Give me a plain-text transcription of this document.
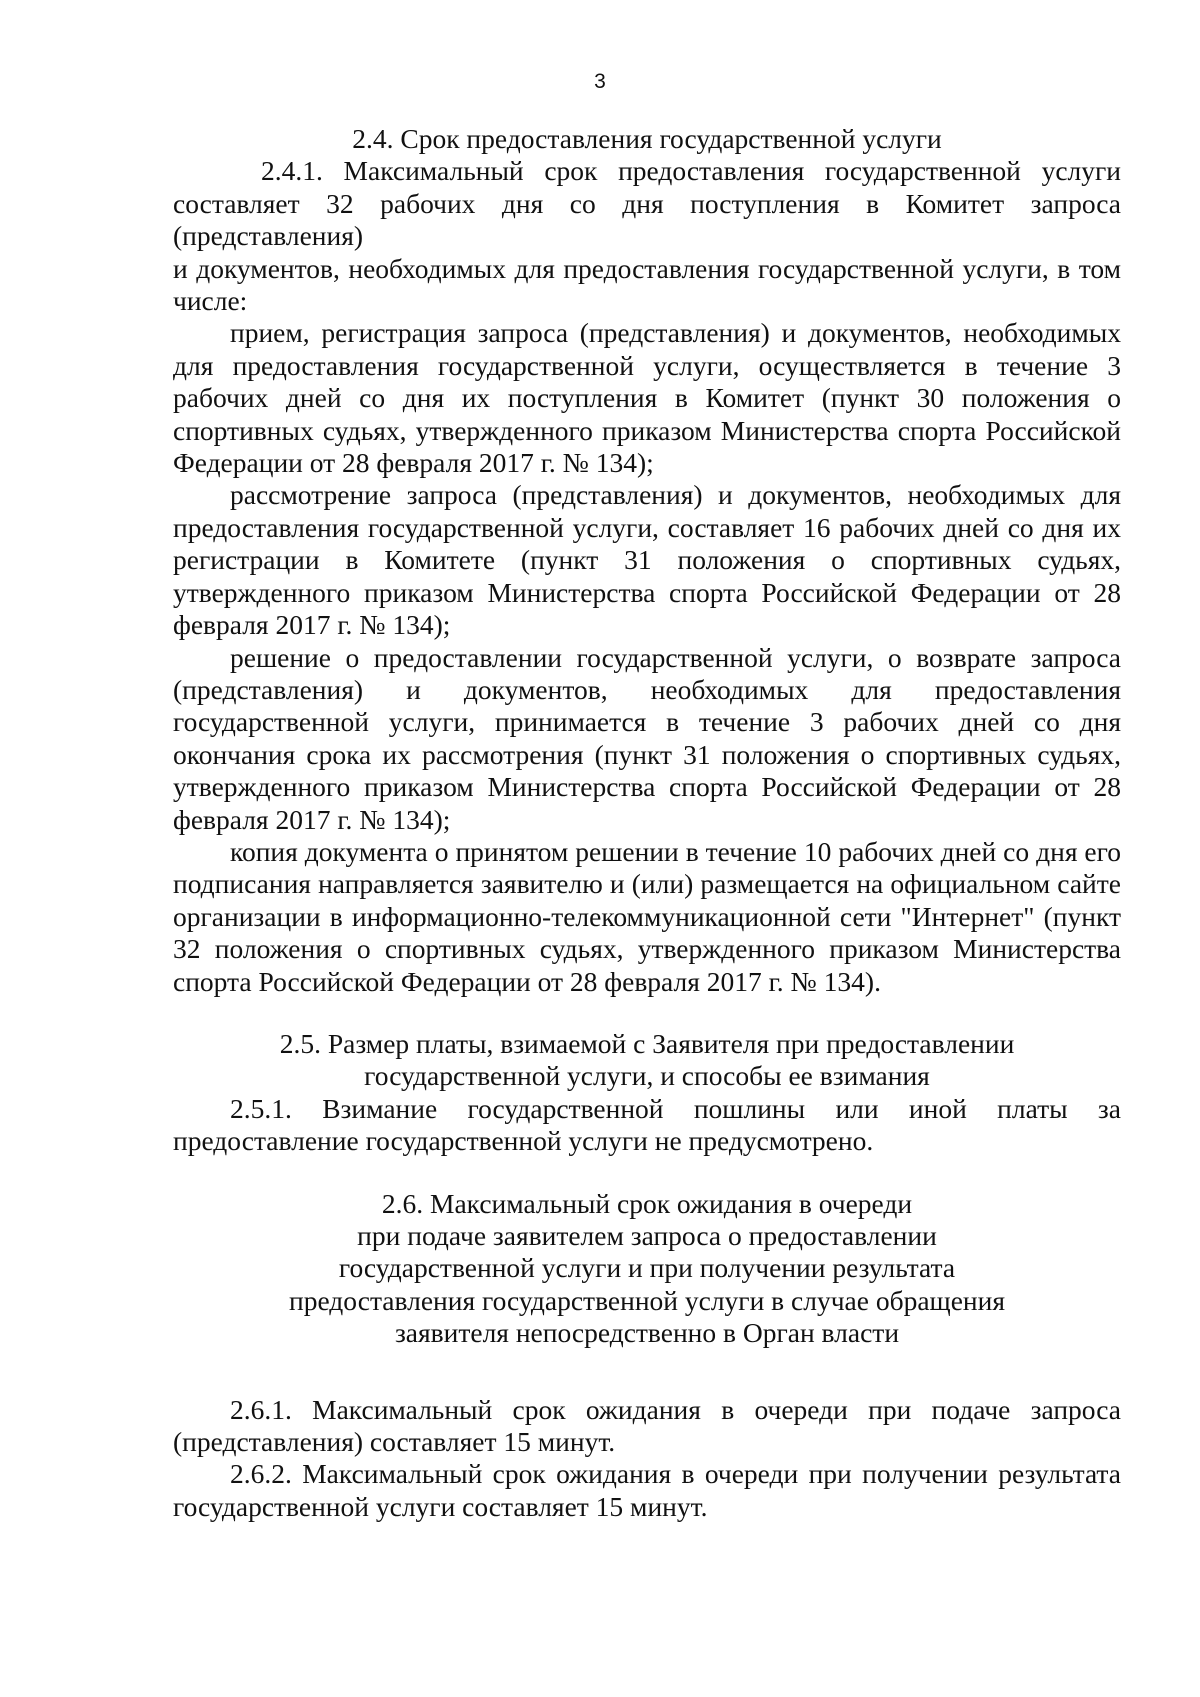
3

2.4. Срок предоставления государственной услуги

2.4.1. Максимальный срок предоставления государственной услуги составляет 32 рабочих дня со дня поступления в Комитет запроса (представления)

и документов, необходимых для предоставления государственной услуги, в том числе:

прием, регистрация запроса (представления) и документов, необходимых для предоставления государственной услуги, осуществляется в течение 3 рабочих дней со дня их поступления в Комитет (пункт 30 положения о спортивных судьях, утвержденного приказом Министерства спорта Российской Федерации от 28 февраля 2017 г. № 134);

рассмотрение запроса (представления) и документов, необходимых для предоставления государственной услуги, составляет 16 рабочих дней со дня их регистрации в Комитете (пункт 31 положения о спортивных судьях, утвержденного приказом Министерства спорта Российской Федерации от 28 февраля 2017 г. № 134);

решение о предоставлении государственной услуги, о возврате запроса (представления) и документов, необходимых для предоставления государственной услуги, принимается в течение 3 рабочих дней со дня окончания срока их рассмотрения (пункт 31 положения о спортивных судьях, утвержденного приказом Министерства спорта Российской Федерации от 28 февраля 2017 г. № 134);

копия документа о принятом решении в течение 10 рабочих дней со дня его подписания направляется заявителю и (или) размещается на официальном сайте организации в информационно-телекоммуникационной сети "Интернет" (пункт 32 положения о спортивных судьях, утвержденного приказом Министерства спорта Российской Федерации от 28 февраля 2017 г. № 134).

2.5. Размер платы, взимаемой с Заявителя при предоставлении

государственной услуги, и способы ее взимания

2.5.1. Взимание государственной пошлины или иной платы за предоставление государственной услуги не предусмотрено.

2.6. Максимальный срок ожидания в очереди

при подаче заявителем запроса о предоставлении

государственной услуги и при получении результата

предоставления государственной услуги в случае обращения

заявителя непосредственно в Орган власти

2.6.1. Максимальный срок ожидания в очереди при подаче запроса (представления) составляет 15 минут.

2.6.2. Максимальный срок ожидания в очереди при получении результата государственной услуги составляет 15 минут.
